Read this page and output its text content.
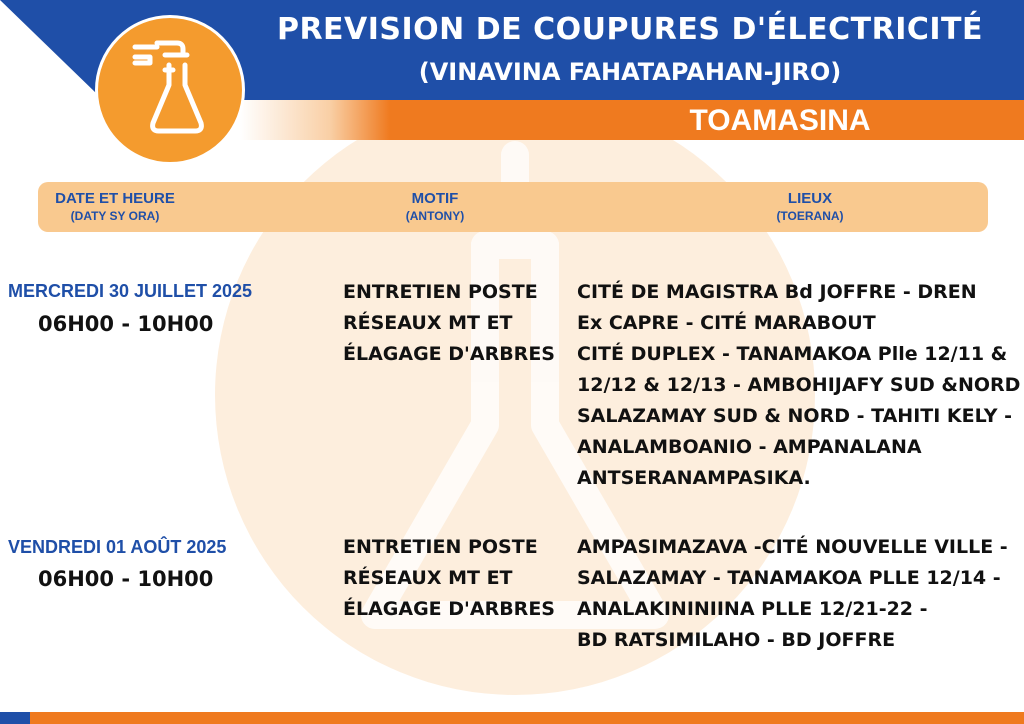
PREVISION DE COUPURES D'ÉLECTRICITÉ
(VINAVINA FAHATAPAHAN-JIRO)
TOAMASINA
DATE ET HEURE
(DATY SY ORA)
MOTIF
(ANTONY)
LIEUX
(TOERANA)
MERCREDI 30 JUILLET 2025
06H00 - 10H00
ENTRETIEN POSTE
RÉSEAUX MT ET
ÉLAGAGE D'ARBRES
CITÉ DE MAGISTRA Bd JOFFRE - DREN
Ex CAPRE - CITÉ MARABOUT
CITÉ DUPLEX - TANAMAKOA Plle 12/11 &
12/12 & 12/13 - AMBOHIJAFY SUD &NORD
SALAZAMAY SUD & NORD - TAHITI KELY -
ANALAMBOANIO - AMPANALANA
ANTSERANAMPASIKA.
VENDREDI 01 AOÛT 2025
06H00 - 10H00
ENTRETIEN POSTE
RÉSEAUX MT ET
ÉLAGAGE D'ARBRES
AMPASIMAZAVA -CITÉ NOUVELLE VILLE -
SALAZAMAY - TANAMAKOA PLLE 12/14 -
ANALAKININIINA PLLE 12/21-22 -
BD RATSIMILAHO - BD JOFFRE
